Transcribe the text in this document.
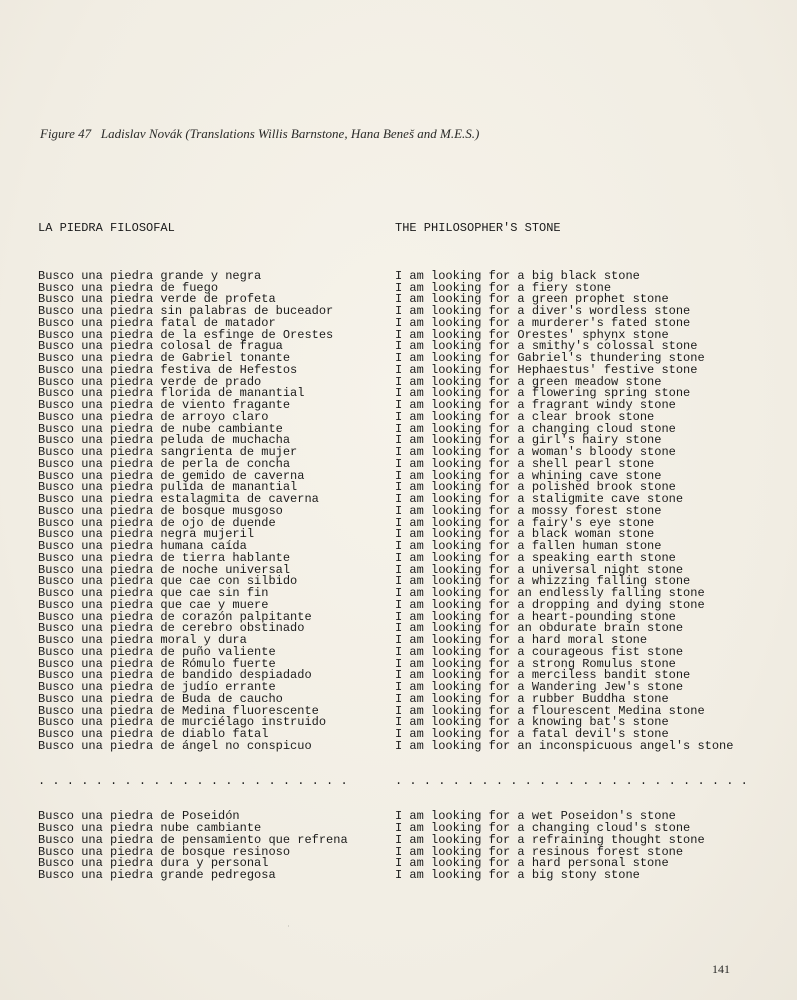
Figure 47 Ladislav Novák (Translations Willis Barnstone, Hana Beneš and M.E.S.)

LA PIEDRA FILOSOFAL

Busco una piedra grande y negra
Busco una piedra de fuego
Busco una piedra verde de profeta
Busco una piedra sin palabras de buceador
Busco una piedra fatal de matador
Busco una piedra de la esfinge de Orestes
Busco una piedra colosal de fragua
Busco una piedra de Gabriel tonante
Busco una piedra festiva de Hefestos
Busco una piedra verde de prado
Busco una piedra florida de manantial
Busco una piedra de viento fragante
Busco una piedra de arroyo claro
Busco una piedra de nube cambiante
Busco una piedra peluda de muchacha
Busco una piedra sangrienta de mujer
Busco una piedra de perla de concha
Busco una piedra de gemido de caverna
Busco una piedra pulida de manantial
Busco una piedra estalagmita de caverna
Busco una piedra de bosque musgoso
Busco una piedra de ojo de duende
Busco una piedra negra mujeril
Busco una piedra humana caída
Busco una piedra de tierra hablante
Busco una piedra de noche universal
Busco una piedra que cae con silbido
Busco una piedra que cae sin fin
Busco una piedra que cae y muere
Busco una piedra de corazón palpitante
Busco una piedra de cerebro obstinado
Busco una piedra moral y dura
Busco una piedra de puño valiente
Busco una piedra de Rómulo fuerte
Busco una piedra de bandido despiadado
Busco una piedra de judío errante
Busco una piedra de Buda de caucho
Busco una piedra de Medina fluorescente
Busco una piedra de murciélago instruido
Busco una piedra de diablo fatal
Busco una piedra de ángel no conspicuo

. . . . . . . . . . . . . . . . . . . . . .

Busco una piedra de Poseidón
Busco una piedra nube cambiante
Busco una piedra de pensamiento que refrena
Busco una piedra de bosque resinoso
Busco una piedra dura y personal
Busco una piedra grande pedregosa

THE PHILOSOPHER'S STONE

I am looking for a big black stone
I am looking for a fiery stone
I am looking for a green prophet stone
I am looking for a diver's wordless stone
I am looking for a murderer's fated stone
I am looking for Orestes' sphynx stone
I am looking for a smithy's colossal stone
I am looking for Gabriel's thundering stone
I am looking for Hephaestus' festive stone
I am looking for a green meadow stone
I am looking for a flowering spring stone
I am looking for a fragrant windy stone
I am looking for a clear brook stone
I am looking for a changing cloud stone
I am looking for a girl's hairy stone
I am looking for a woman's bloody stone
I am looking for a shell pearl stone
I am looking for a whining cave stone
I am looking for a polished brook stone
I am looking for a staligmite cave stone
I am looking for a mossy forest stone
I am looking for a fairy's eye stone
I am looking for a black woman stone
I am looking for a fallen human stone
I am looking for a speaking earth stone
I am looking for a universal night stone
I am looking for a whizzing falling stone
I am looking for an endlessly falling stone
I am looking for a dropping and dying stone
I am looking for a heart-pounding stone
I am looking for an obdurate brain stone
I am looking for a hard moral stone
I am looking for a courageous fist stone
I am looking for a strong Romulus stone
I am looking for a merciless bandit stone
I am looking for a Wandering Jew's stone
I am looking for a rubber Buddha stone
I am looking for a flourescent Medina stone
I am looking for a knowing bat's stone
I am looking for a fatal devil's stone
I am looking for an inconspicuous angel's stone

. . . . . . . . . . . . . . . . . . . . . . . . .

I am looking for a wet Poseidon's stone
I am looking for a changing cloud's stone
I am looking for a refraining thought stone
I am looking for a resinous forest stone
I am looking for a hard personal stone
I am looking for a big stony stone

˙
141
